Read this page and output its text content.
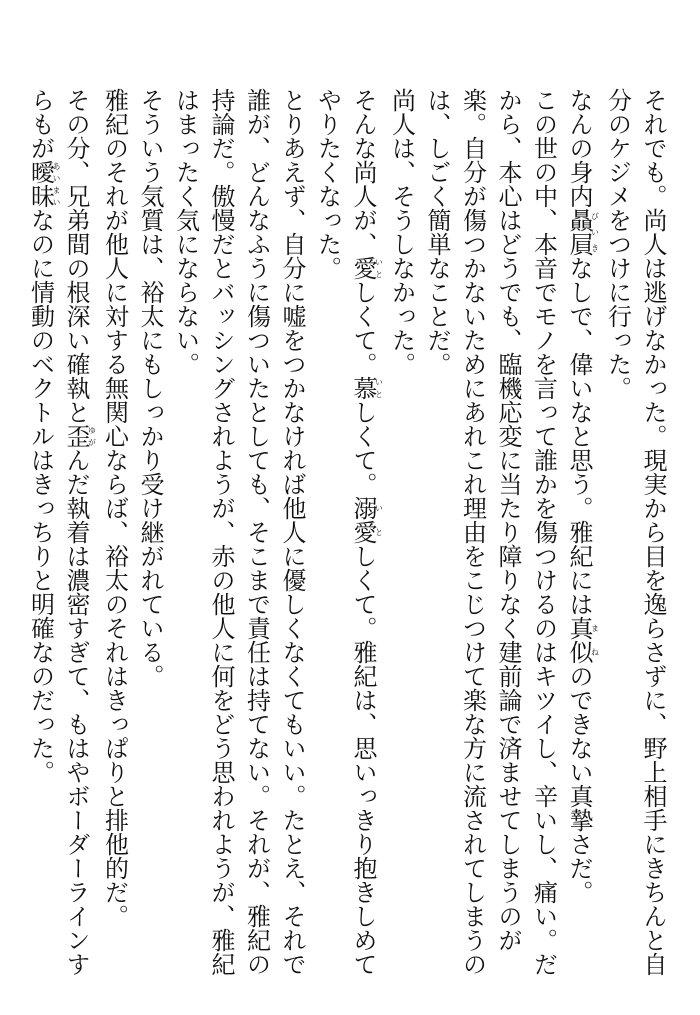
それでも。尚人は逃げなかった。現実から目を逸らさずに、野上相手にきちんと自分のケジメをつけに行った。
なんの身内贔屓びいきなしで、偉いなと思う。雅紀には真似まねのできない真摯さだ。
この世の中、本音でモノを言って誰かを傷つけるのはキツイし、辛いし、痛い。だから、本心はどうでも、臨機応変に当たり障りなく建前論で済ませてしまうのが楽。自分が傷つかないためにあれこれ理由をこじつけて楽な方に流されてしまうのは、しごく簡単なことだ。
尚人は、そうしなかった。
そんな尚人が、愛いとしくて。慕いとしくて。溺愛いとしくて。雅紀は、思いっきり抱きしめてやりたくなった。
とりあえず、自分に嘘をつかなければ他人に優しくなくてもいい。たとえ、それで誰が、どんなふうに傷ついたとしても、そこまで責任は持てない。それが、雅紀の持論だ。傲慢だとバッシングされようが、赤の他人に何をどう思われようが、雅紀はまったく気にならない。
そういう気質は、裕太にもしっかり受け継がれている。
雅紀のそれが他人に対する無関心ならば、裕太のそれはきっぱりと排他的だ。
その分、兄弟間の根深い確執と歪ゆがんだ執着は濃密すぎて、もはやボーダーラインすらもが曖あい昧まいなのに情動のベクトルはきっちりと明確なのだった。
